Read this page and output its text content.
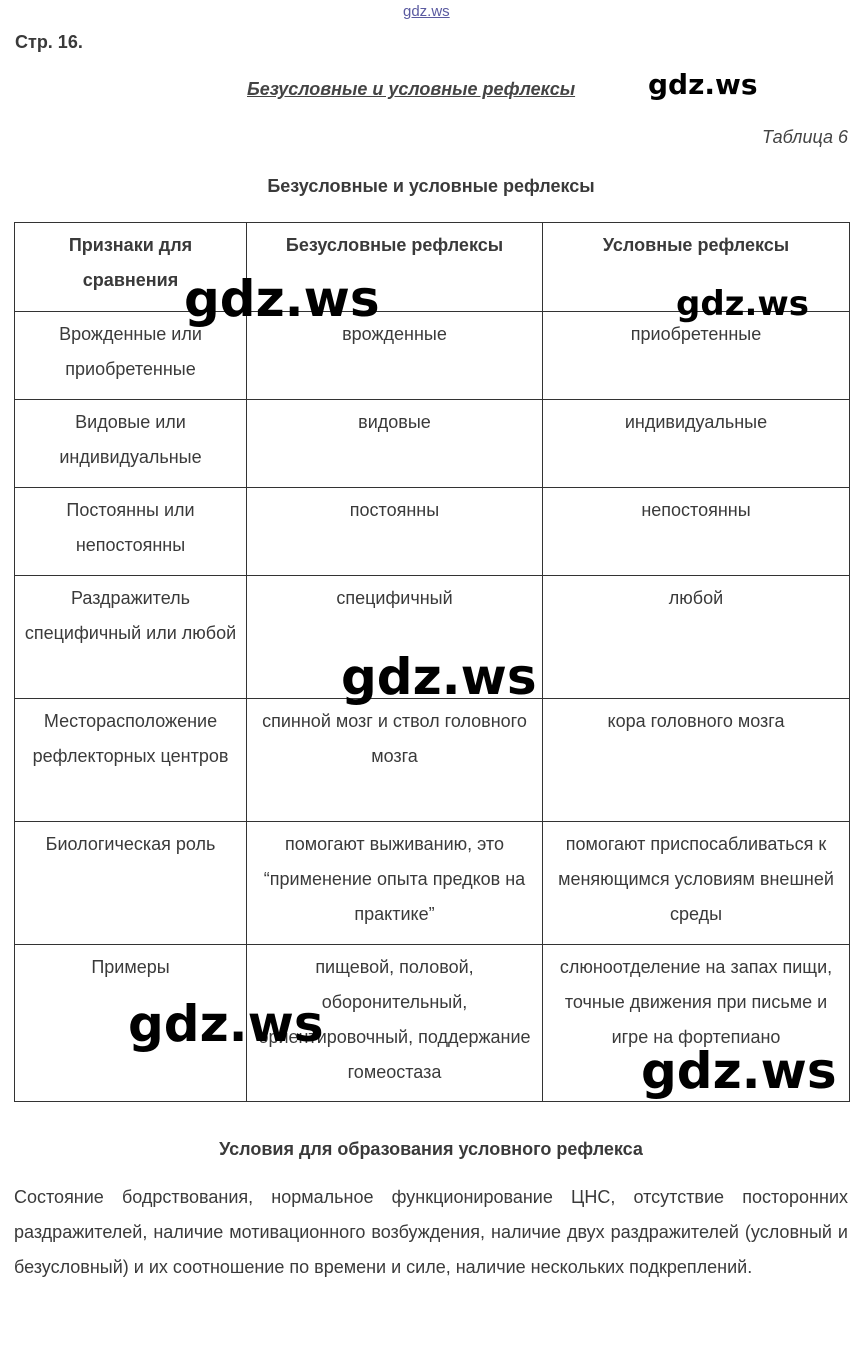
gdz.ws
Стр. 16.
Безусловные и условные рефлексы
Таблица 6
Безусловные и условные рефлексы
Признаки для сравнения	Безусловные рефлексы	Условные рефлексы
Врожденные или приобретенные	врожденные	приобретенные
Видовые или индивидуальные	видовые	индивидуальные
Постоянны или непостоянны	постоянны	непостоянны
Раздражитель специфичный или любой	специфичный	любой
Месторасположение рефлекторных центров	спинной мозг и ствол головного мозга	кора головного мозга
Биологическая роль	помогают выживанию, это “применение опыта предков на практике”	помогают приспосабливаться к меняющимся условиям внешней среды
Примеры	пищевой, половой, оборонительный, ориентировочный, поддержание гомеостаза	слюноотделение на запах пищи, точные движения при письме и игре на фортепиано
Условия для образования условного рефлекса
Состояние бодрствования, нормальное функционирование ЦНС, отсутствие посторонних раздражителей, наличие мотивационного возбуждения, наличие двух раздражителей (условный и безусловный) и их соотношение по времени и силе, наличие нескольких подкреплений.
gdz.ws
gdz.ws	gdz.ws
gdz.ws
gdz.ws
gdz.ws
